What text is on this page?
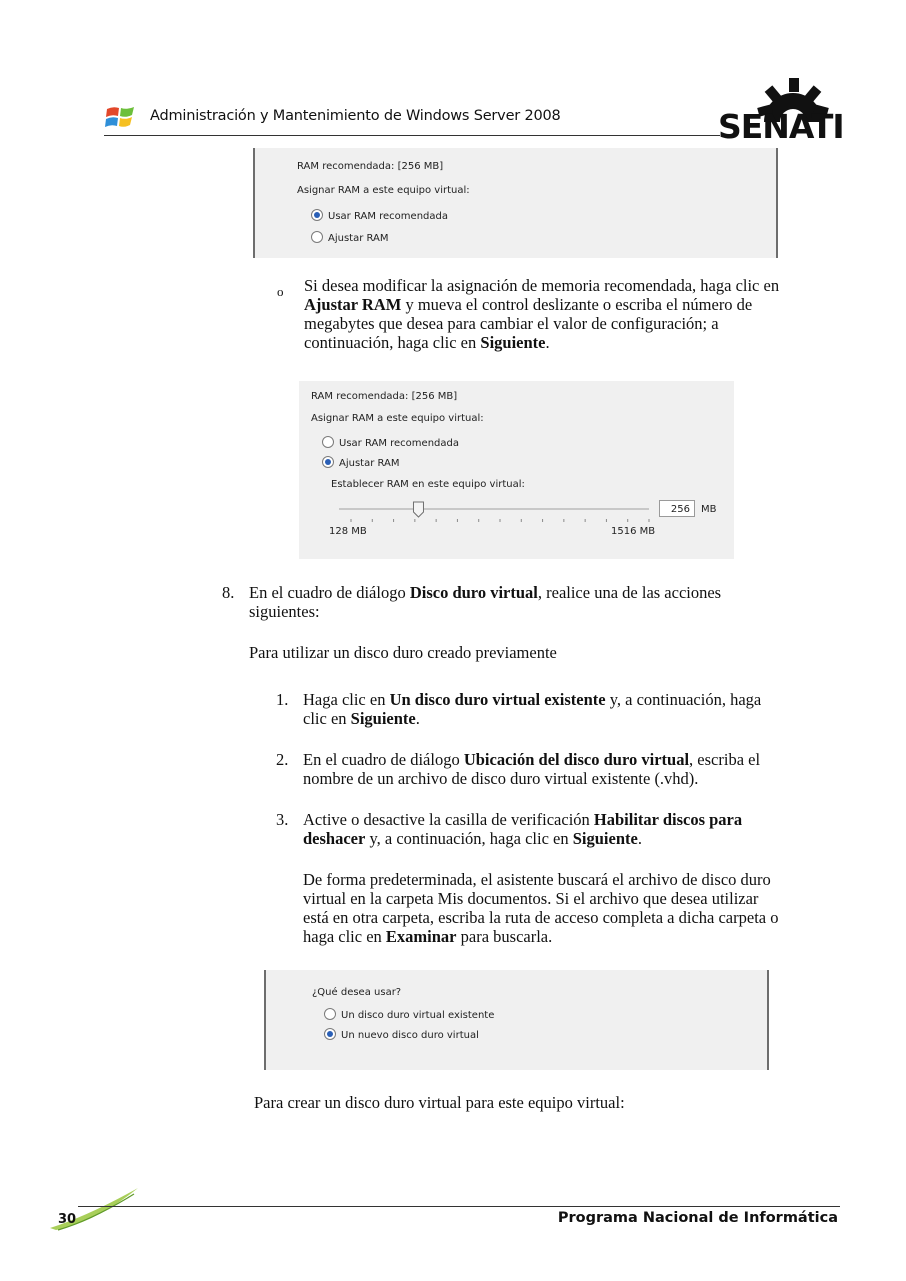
Administración y Mantenimiento de Windows Server 2008	SENATI
RAM recomendada: [256 MB]
Asignar RAM a este equipo virtual:
Usar RAM recomendada
Ajustar RAM
o Si desea modificar la asignación de memoria recomendada, haga clic en
Ajustar RAM y mueva el control deslizante o escriba el número de
megabytes que desea para cambiar el valor de configuración; a
continuación, haga clic en Siguiente.
RAM recomendada: [256 MB]
Asignar RAM a este equipo virtual:
Usar RAM recomendada
Ajustar RAM
Establecer RAM en este equipo virtual:
256	MB
128 MB	1516 MB
8. En el cuadro de diálogo Disco duro virtual, realice una de las acciones
siguientes:
Para utilizar un disco duro creado previamente
1. Haga clic en Un disco duro virtual existente y, a continuación, haga
clic en Siguiente.
2. En el cuadro de diálogo Ubicación del disco duro virtual, escriba el
nombre de un archivo de disco duro virtual existente (.vhd).
3. Active o desactive la casilla de verificación Habilitar discos para
deshacer y, a continuación, haga clic en Siguiente.
De forma predeterminada, el asistente buscará el archivo de disco duro
virtual en la carpeta Mis documentos. Si el archivo que desea utilizar
está en otra carpeta, escriba la ruta de acceso completa a dicha carpeta o
haga clic en Examinar para buscarla.
¿Qué desea usar?
Un disco duro virtual existente
Un nuevo disco duro virtual
Para crear un disco duro virtual para este equipo virtual:
30	Programa Nacional de Informática
